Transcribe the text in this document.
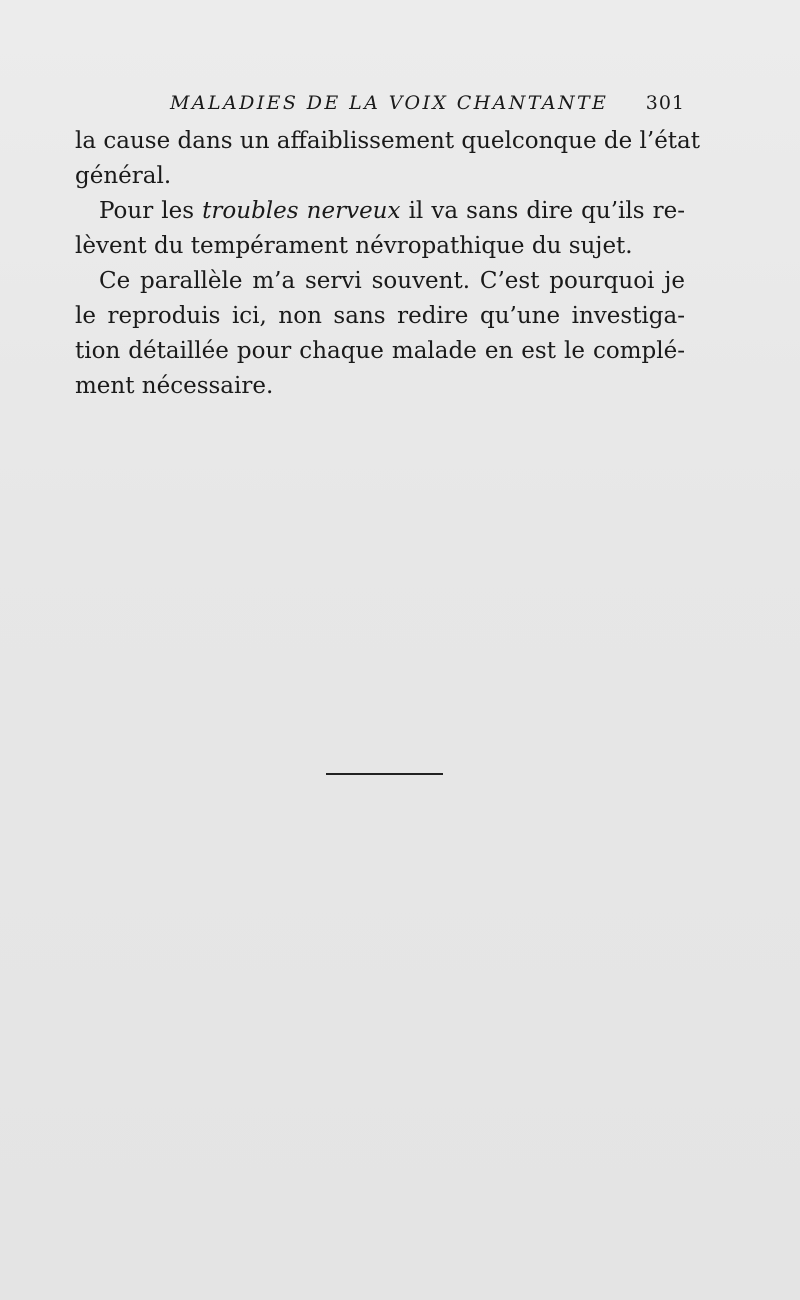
MALADIES DE LA VOIX CHANTANTE 301
la cause dans un affaiblissement quelconque de l’état
général.
Pour les troubles nerveux il va sans dire qu’ils re-
lèvent du tempérament névropathique du sujet.
Ce parallèle m’a servi souvent. C’est pourquoi je
le reproduis ici, non sans redire qu’une investiga-
tion détaillée pour chaque malade en est le complé-
ment nécessaire.
